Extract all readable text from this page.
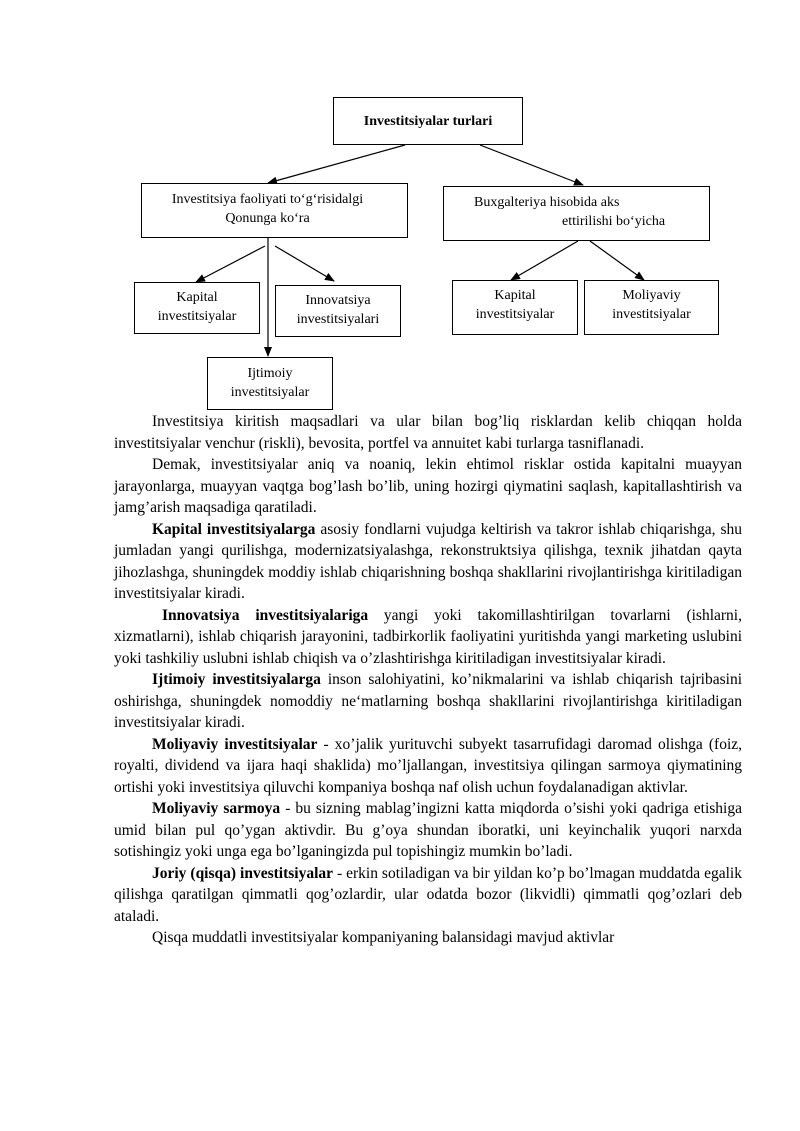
Investitsiyalar turlari
Investitsiya faoliyati to‘g‘risidalgi
Qonunga ko‘ra
Buxgalteriya hisobida aks
ettirilishi bo‘yicha
Kapital
investitsiyalar
Innovatsiya
investitsiyalari
Ijtimoiy
investitsiyalar
Kapital
investitsiyalar
Moliyaviy
investitsiyalar

Investitsiya kiritish maqsadlari va ular bilan bog’liq risklardan kelib chiqqan holda investitsiyalar venchur (riskli), bevosita, portfel va annuitet kabi turlarga tasniflanadi.

Demak, investitsiyalar aniq va noaniq, lekin ehtimol risklar ostida kapitalni muayyan jarayonlarga, muayyan vaqtga bog’lash bo’lib, uning hozirgi qiymatini saqlash, kapitallashtirish va jamg’arish maqsadiga qaratiladi.

Kapital investitsiyalarga asosiy fondlarni vujudga keltirish va takror ishlab chiqarishga, shu jumladan yangi qurilishga, modernizatsiyalashga, rekonstruktsiya qilishga, texnik jihatdan qayta jihozlashga, shuningdek moddiy ishlab chiqarishning boshqa shakllarini rivojlantirishga kiritiladigan investitsiyalar kiradi.

Innovatsiya investitsiyalariga yangi yoki takomillashtirilgan tovarlarni (ishlarni, xizmatlarni), ishlab chiqarish jarayonini, tadbirkorlik faoliyatini yuritishda yangi marketing uslubini yoki tashkiliy uslubni ishlab chiqish va o’zlashtirishga kiritiladigan investitsiyalar kiradi.

Ijtimoiy investitsiyalarga inson salohiyatini, ko’nikmalarini va ishlab chiqarish tajribasini oshirishga, shuningdek nomoddiy ne‘matlarning boshqa shakllarini rivojlantirishga kiritiladigan investitsiyalar kiradi.

Moliyaviy investitsiyalar - xo’jalik yurituvchi subyekt tasarrufidagi daromad olishga (foiz, royalti, dividend va ijara haqi shaklida) mo’ljallangan, investitsiya qilingan sarmoya qiymatining ortishi yoki investitsiya qiluvchi kompaniya boshqa naf olish uchun foydalanadigan aktivlar.

Moliyaviy sarmoya - bu sizning mablag’ingizni katta miqdorda o’sishi yoki qadriga etishiga umid bilan pul qo’ygan aktivdir. Bu g’oya shundan iboratki, uni keyinchalik yuqori narxda sotishingiz yoki unga ega bo’lganingizda pul topishingiz mumkin bo’ladi.

Joriy (qisqa) investitsiyalar - erkin sotiladigan va bir yildan ko’p bo’lmagan muddatda egalik qilishga qaratilgan qimmatli qog’ozlardir, ular odatda bozor (likvidli) qimmatli qog’ozlari deb ataladi.

Qisqa muddatli investitsiyalar kompaniyaning balansidagi mavjud aktivlar
